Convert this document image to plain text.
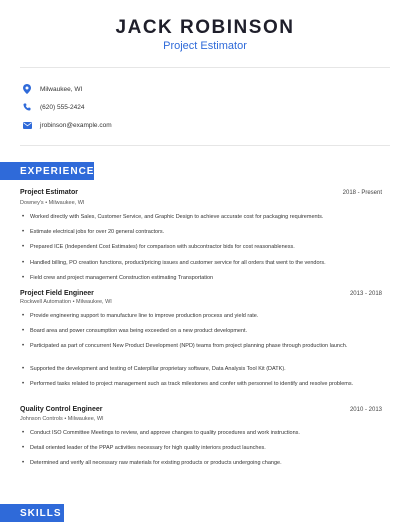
JACK ROBINSON
Project Estimator
Milwaukee, WI
(620) 555-2424
jrobinson@example.com
EXPERIENCE
Project Estimator	2018 - Present
Downey's • Milwaukee, WI
•	Worked directly with Sales, Customer Service, and Graphic Design to achieve accurate cost for packaging requirements.
•	Estimate electrical jobs for over 20 general contractors.
•	Prepared ICE (Independent Cost Estimates) for comparison with subcontractor bids for cost reasonableness.
•	Handled billing, PO creation functions, product/pricing issues and customer service for all orders that went to the vendors.
•	Field crew and project management Construction estimating Transportation
Project Field Engineer	2013 - 2018
Rockwell Automation • Milwaukee, WI
•	Provide engineering support to manufacture line to improve production process and yield rate.
•	Board area and power consumption was being exceeded on a new product development.
•	Participated as part of concurrent New Product Development (NPD) teams from project planning phase through production launch.
•	Supported the development and testing of Caterpillar proprietary software, Data Analysis Tool Kit (DATK).
•	Performed tasks related to project management such as track milestones and confer with personnel to identify and resolve problems.
Quality Control Engineer	2010 - 2013
Johnson Controls • Milwaukee, WI
•	Conduct ISO Committee Meetings to review, and approve changes to quality procedures and work instructions.
•	Detail oriented leader of the PPAP activities necessary for high quality interiors product launches.
•	Determined and verify all necessary raw materials for existing products or products undergoing change.
SKILLS
